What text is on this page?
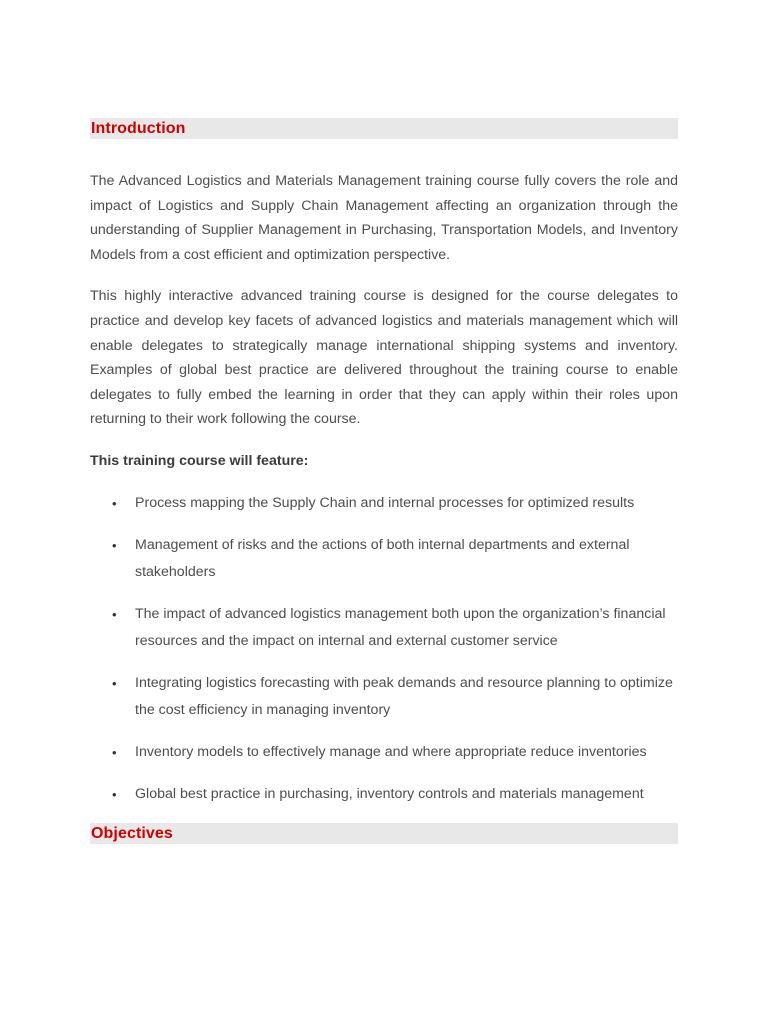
Introduction

The Advanced Logistics and Materials Management training course fully covers the role and impact of Logistics and Supply Chain Management affecting an organization through the understanding of Supplier Management in Purchasing, Transportation Models, and Inventory Models from a cost efficient and optimization perspective.

This highly interactive advanced training course is designed for the course delegates to practice and develop key facets of advanced logistics and materials management which will enable delegates to strategically manage international shipping systems and inventory. Examples of global best practice are delivered throughout the training course to enable delegates to fully embed the learning in order that they can apply within their roles upon returning to their work following the course.

This training course will feature:
• Process mapping the Supply Chain and internal processes for optimized results
• Management of risks and the actions of both internal departments and external stakeholders
• The impact of advanced logistics management both upon the organization’s financial resources and the impact on internal and external customer service
• Integrating logistics forecasting with peak demands and resource planning to optimize the cost efficiency in managing inventory
• Inventory models to effectively manage and where appropriate reduce inventories
• Global best practice in purchasing, inventory controls and materials management
Objectives
